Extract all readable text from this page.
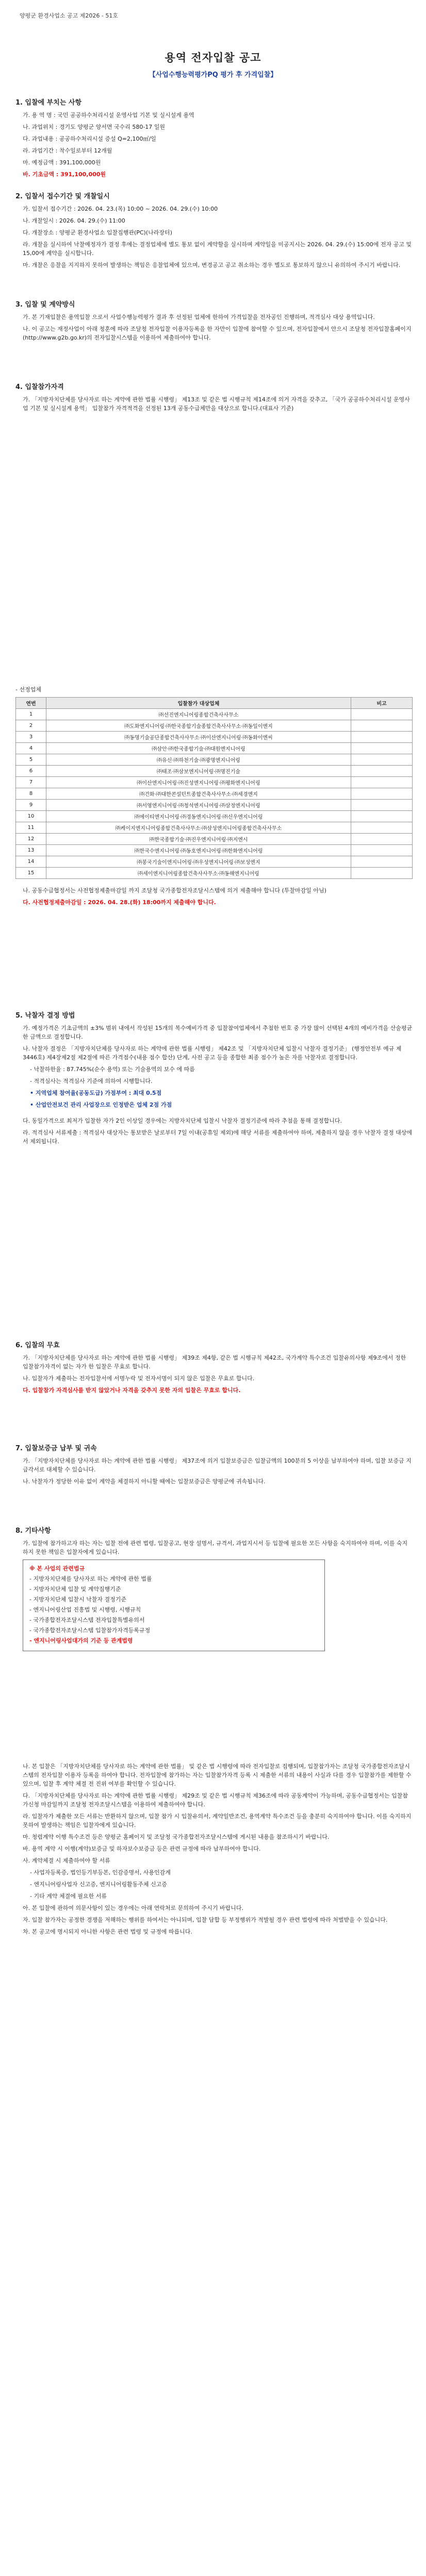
양평군 환경사업소 공고 제2026 - 51호
용역 전자입찰 공고
【사업수행능력평가PQ 평가 후 가격입찰】
1. 입찰에 부치는 사항

가. 용 역 명 : 국민 공공하수처리시설 운영사업 기본 및 실시설계 용역

나. 과업위치 : 경기도 양평군 양서면 국수리 580-17 일원

다. 과업내용 : 공공하수처리시설 증설 Q=2,100㎥/일

라. 과업기간 : 착수일로부터 12개월

마. 예정금액 : 391,100,000원

바. 기초금액 : 391,100,000원

2. 입찰서 접수기간 및 개찰일시

가. 입찰서 접수기간 : 2026. 04. 23.(목) 10:00 ~ 2026. 04. 29.(수) 10:00

나. 개찰일시 : 2026. 04. 29.(수) 11:00

다. 개찰장소 : 양평군 환경사업소 입찰집행관(PC)(나라장터)

라. 개찰을 실시하여 낙찰예정자가 결정 후에는 결정업체에 별도 통보 없이 계약할을 실시하며 계약일을 미공지시는 2026. 04. 29.(수) 15:00에 전자 공고 및 15,00에 계약을 실시합니다.

마. 개찰은 응찰을 지지하지 못하여 발생하는 책임은 응찰업체에 있으며, 변경공고 공고 취소하는 경우 별도로 통보하지 않으니 유의하여 주시기 바랍니다.

3. 입찰 및 계약방식

가. 본 기재입찰은 용역입찰 으로서 사업수행능력평가 결과 후 선정된 업체에 한하여 가격입찰을 전자공인 진행하며, 적격심사 대상 용역입니다.

나. 이 공고는 재정사업이 아래 청훈에 따라 조달청 전자입찰 이용자등록을 한 자만이 입찰에 참여할 수 있으며, 전자입찰에서 안으시 조달청 전자입찰홈페이지(http://www.g2b.go.kr)의 전자입찰시스템을 이용하여 제출하여야 합니다.

4. 입찰참가자격

가. 「지방자치단체를 당사자로 하는 계약에 관한 법률 시행령」 제13조 및 같은 법 시행규칙 제14조에 의거 자격을 갖추고, 「국가 공공하수처리시설 운영사업 기본 및 실시설계 용역」 입찰참가 자격적격을 선정된 13개 공동수급체만을 대상으로 합니다.(대표사 기준)

- 선정업체

연번	입찰참가 대상업체	비고
1	㈜선진엔지니어링종합건축사사무소	
2	㈜도화엔지니어링·㈜한국종합기술종합건축사사무소·㈜동일이엔지	
3	㈜동명기술공단종합건축사사무소·㈜이산엔지니어링·㈜동화이엔씨	
4	㈜삼안·㈜한국종합기술·㈜대원엔지니어링	
5	㈜유신·㈜하천기술·㈜광명엔지니어링	
6	㈜태조·㈜삼보엔지니어링·㈜명진기술	
7	㈜이산엔지니어링·㈜진성엔지니어링·㈜평화엔지니어링	
8	㈜건화·㈜대한콘설턴트종합건축사사무소·㈜세경엔지	
9	㈜서영엔지니어링·㈜청석엔지니어링·㈜삼정엔지니어링	
10	㈜에이티엔지니어링·㈜경동엔지니어링·㈜신우엔지니어링	
11	㈜케이지엔지니어링종합건축사사무소·㈜삼성엔지니어링종합건축사사무소	
12	㈜한국종합기술·㈜진우엔지니어링·㈜지엔시	
13	㈜한국수엔지니어링·㈜동호엔지니어링·㈜한화엔지니어링	
14	㈜봉국기술이엔지니어링·㈜우성엔지니어링·㈜보성엔지	
15	㈜세이엔지니어링종합건축사사무소·㈜동해엔지니어링	

나. 공동수급협정서는 사전협정제출마감일 까지 조달청 국가종합전자조달시스템에 의거 제출해야 합니다 (투찰마감일 아님)

다. 사전협정제출마감일 : 2026. 04. 28.(화) 18:00까지 제출해야 합니다.

5. 낙찰자 결정 방법

가. 예정가격은 기초금액의 ±3% 범위 내에서 작성된 15개의 복수예비가격 중 입찰참여업체에서 추첨한 번호 중 가장 많이 선택된 4개의 예비가격을 산술평균 한 금액으로 결정합니다.

나. 낙찰자 결정은 「지방자치단체를 당사자로 하는 계약에 관한 법률 시행령」 제42조 및 「지방자치단체 입찰시 낙찰자 결정기준」 (행정안전부 예규 제3446호) 제4장제2절 제2절에 따른 가격점수(내용 점수 합산) 단계, 사전 공고 등을 종합한 최종 점수가 높은 자를 낙찰자로 결정합니다.

- 낙찰하한율 : 87.745%(순수 용역) 또는 기술용역의 보수 에 따름

- 적격심사는 적격심사 기준에 의하여 시행합니다.

• 지역업체 참여율(공동도급) 가점부여 : 최대 0.5점

• 산업안전보건 관리 사업장으로 인정받은 업체 2점 가점

다. 동일가격으로 최저가 입찰한 자가 2인 이상일 경우에는 지방자치단체 입찰시 낙찰자 결정기준에 따라 추첨을 통해 결정합니다.

라. 적격심사 서류제출 : 적격심사 대상자는 통보받은 날로부터 7일 이내(공휴일 제외)에 해당 서류를 제출하여야 하며, 제출하지 않을 경우 낙찰자 결정 대상에서 제외됩니다.

6. 입찰의 무효

가. 「지방자치단체를 당사자로 하는 계약에 관한 법률 시행령」 제39조 제4항, 같은 법 시행규칙 제42조, 국가계약 특수조건 입찰유의사항 제9조에서 정한 입찰참가자격이 없는 자가 한 입찰은 무효로 합니다.

나. 입찰자가 제출하는 전자입찰서에 서명누락 및 전자서명이 되지 않은 입찰은 무효로 합니다.

다. 입찰참가 자격심사를 받지 않았거나 자격을 갖추지 못한 자의 입찰은 무효로 합니다.

7. 입찰보증금 납부 및 귀속

가. 「지방자치단체를 당사자로 하는 계약에 관한 법률 시행령」 제37조에 의거 입찰보증금은 입찰금액의 100분의 5 이상을 납부하여야 하며, 입찰 보증금 지급각서로 대체할 수 있습니다.

나. 낙찰자가 정당한 이유 없이 계약을 체결하지 아니할 때에는 입찰보증금은 양평군에 귀속됩니다.

8. 기타사항

가. 입찰에 참가하고자 하는 자는 입찰 전에 관련 법령, 입찰공고, 현장 설명서, 규격서, 과업지시서 등 입찰에 필요한 모든 사항을 숙지하여야 하며, 이를 숙지하지 못한 책임은 입찰자에게 있습니다.

※ 본 사업의 관련법규

- 지방자치단체를 당사자로 하는 계약에 관한 법률

- 지방자치단체 입찰 및 계약집행기준

- 지방자치단체 입찰시 낙찰자 결정기준

- 엔지니어링산업 진흥법 및 시행령, 시행규칙

- 국가종합전자조달시스템 전자입찰특별유의서

- 국가종합전자조달시스템 입찰참가자격등록규정

- 엔지니어링사업대가의 기준 등 관계법령

나. 본 입찰은 「지방자치단체를 당사자로 하는 계약에 관한 법률」 및 같은 법 시행령에 따라 전자입찰로 집행되며, 입찰참가자는 조달청 국가종합전자조달시스템의 전자입찰 이용자 등록을 하여야 합니다. 전자입찰에 참가하는 자는 입찰참가자격 등록 시 제출한 서류의 내용이 사실과 다를 경우 입찰참가를 제한할 수 있으며, 입찰 후 계약 체결 전 진위 여부를 확인할 수 있습니다.

다. 「지방자치단체를 당사자로 하는 계약에 관한 법률 시행령」 제29조 및 같은 법 시행규칙 제36조에 따라 공동계약이 가능하며, 공동수급협정서는 입찰참가신청 마감일까지 조달청 전자조달시스템을 이용하여 제출하여야 합니다.

라. 입찰자가 제출한 모든 서류는 반환하지 않으며, 입찰 참가 시 입찰유의서, 계약일반조건, 용역계약 특수조건 등을 충분히 숙지하여야 합니다. 이를 숙지하지 못하여 발생하는 책임은 입찰자에게 있습니다.

마. 청렴계약 이행 특수조건 등은 양평군 홈페이지 및 조달청 국가종합전자조달시스템에 게시된 내용을 참조하시기 바랍니다.

바. 용역 계약 시 이행(계약)보증금 및 하자보수보증금 등은 관련 규정에 따라 납부하여야 합니다.

사. 계약체결 시 제출하여야 할 서류

- 사업자등록증, 법인등기부등본, 인감증명서, 사용인감계

- 엔지니어링사업자 신고증, 엔지니어링활동주체 신고증

- 기타 계약 체결에 필요한 서류

아. 본 입찰에 관하여 의문사항이 있는 경우에는 아래 연락처로 문의하여 주시기 바랍니다.

자. 입찰 참가자는 공정한 경쟁을 저해하는 행위를 하여서는 아니되며, 입찰 담합 등 부정행위가 적발될 경우 관련 법령에 따라 처벌받을 수 있습니다.

차. 본 공고에 명시되지 아니한 사항은 관련 법령 및 규정에 따릅니다.
